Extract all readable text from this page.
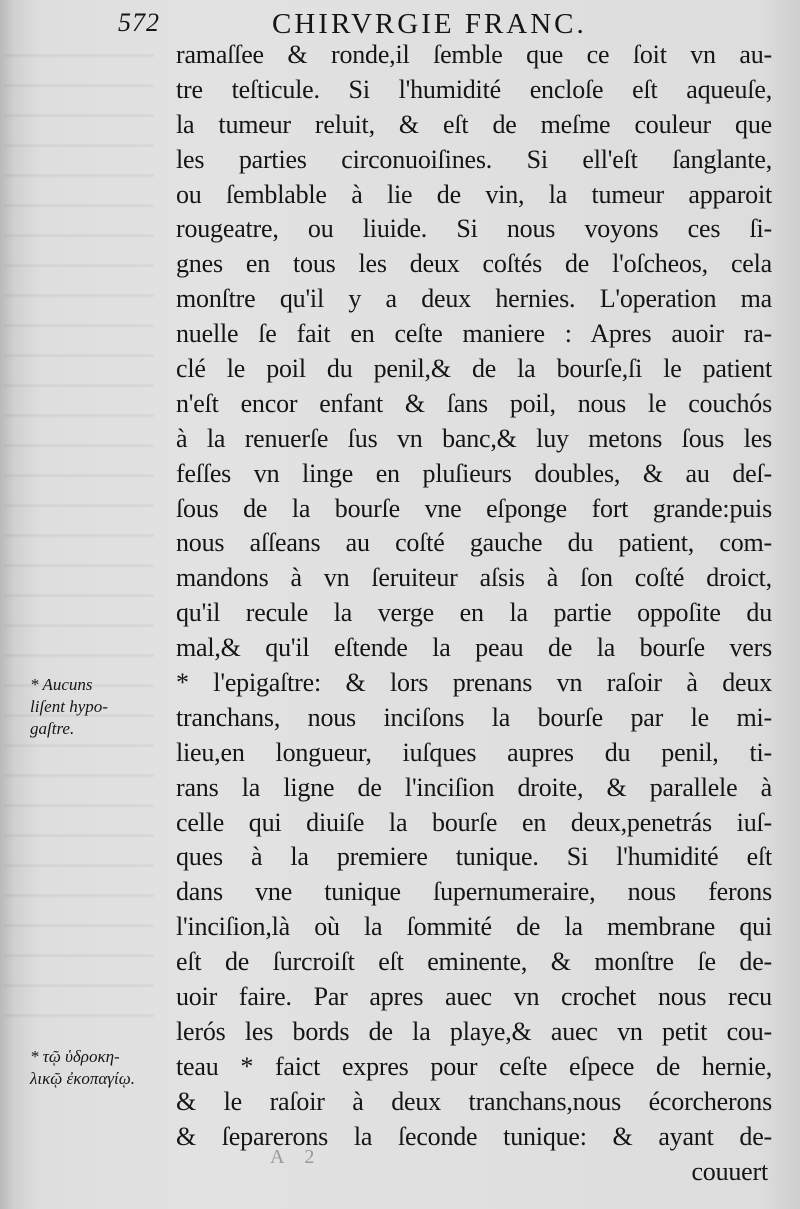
572	CHIRVRGIE FRANC.
ramaſſee & ronde,il ſemble que ce ſoit vn au-
tre teſticule. Si l'humidité encloſe eſt aqueuſe,
la tumeur reluit, & eſt de meſme couleur que
les parties circonuoiſines. Si ell'eſt ſanglante,
ou ſemblable à lie de vin, la tumeur apparoit
rougeatre, ou liuide. Si nous voyons ces ſi-
gnes en tous les deux coſtés de l'oſcheos, cela
monſtre qu'il y a deux hernies. L'operation ma
nuelle ſe fait en ceſte maniere : Apres auoir ra-
clé le poil du penil,& de la bourſe,ſi le patient
n'eſt encor enfant & ſans poil, nous le couchós
à la renuerſe ſus vn banc,& luy metons ſous les
feſſes vn linge en pluſieurs doubles, & au deſ-
ſous de la bourſe vne eſponge fort grande:puis
nous aſſeans au coſté gauche du patient, com-
mandons à vn ſeruiteur aſsis à ſon coſté droict,
qu'il recule la verge en la partie oppoſite du
mal,& qu'il eſtende la peau de la bourſe vers
* l'epigaſtre: & lors prenans vn raſoir à deux
tranchans, nous inciſons la bourſe par le mi-
lieu,en longueur, iuſques aupres du penil, ti-
rans la ligne de l'inciſion droite, & parallele à
celle qui diuiſe la bourſe en deux,penetrás iuſ-
ques à la premiere tunique. Si l'humidité eſt
dans vne tunique ſupernumeraire, nous ferons
l'inciſion,là où la ſommité de la membrane qui
eſt de ſurcroiſt eſt eminente, & monſtre ſe de-
uoir faire. Par apres auec vn crochet nous recu
lerós les bords de la playe,& auec vn petit cou-
teau * faict expres pour ceſte eſpece de hernie,
& le raſoir à deux tranchans,nous écorcherons
& ſeparerons la ſeconde tunique: & ayant de-
couuert
* Aucuns
liſent hypo-
gaſtre.
* τῷ ὑδροκη-
λικῷ ἐκοπαγίῳ.
A 2
